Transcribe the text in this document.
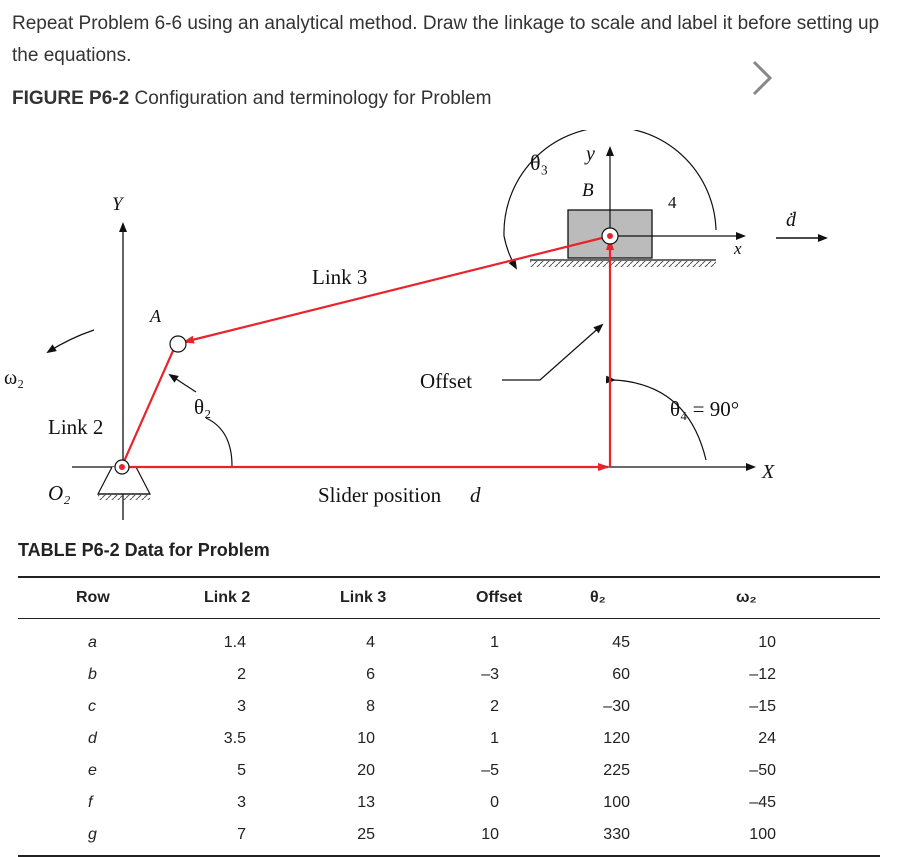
Repeat Problem 6-6 using an analytical method. Draw the linkage to scale and label it before setting up the equations.
FIGURE P6-2 Configuration and terminology for Problem
θ₃ y
B
4
ḋ
x
Y
Link 3
A
ω₂	Offset
θ₂	θ₄ = 90°
Link 2
X
O₂	Slider position d
TABLE P6-2 Data for Problem
Row	Link 2	Link 3	Offset	θ₂	ω₂
a	1.4	4	1	45	10
b	2	6	–3	60	–12
c	3	8	2	–30	–15
d	3.5	10	1	120	24
e	5	20	–5	225	–50
f	3	13	0	100	–45
g	7	25	10	330	100
